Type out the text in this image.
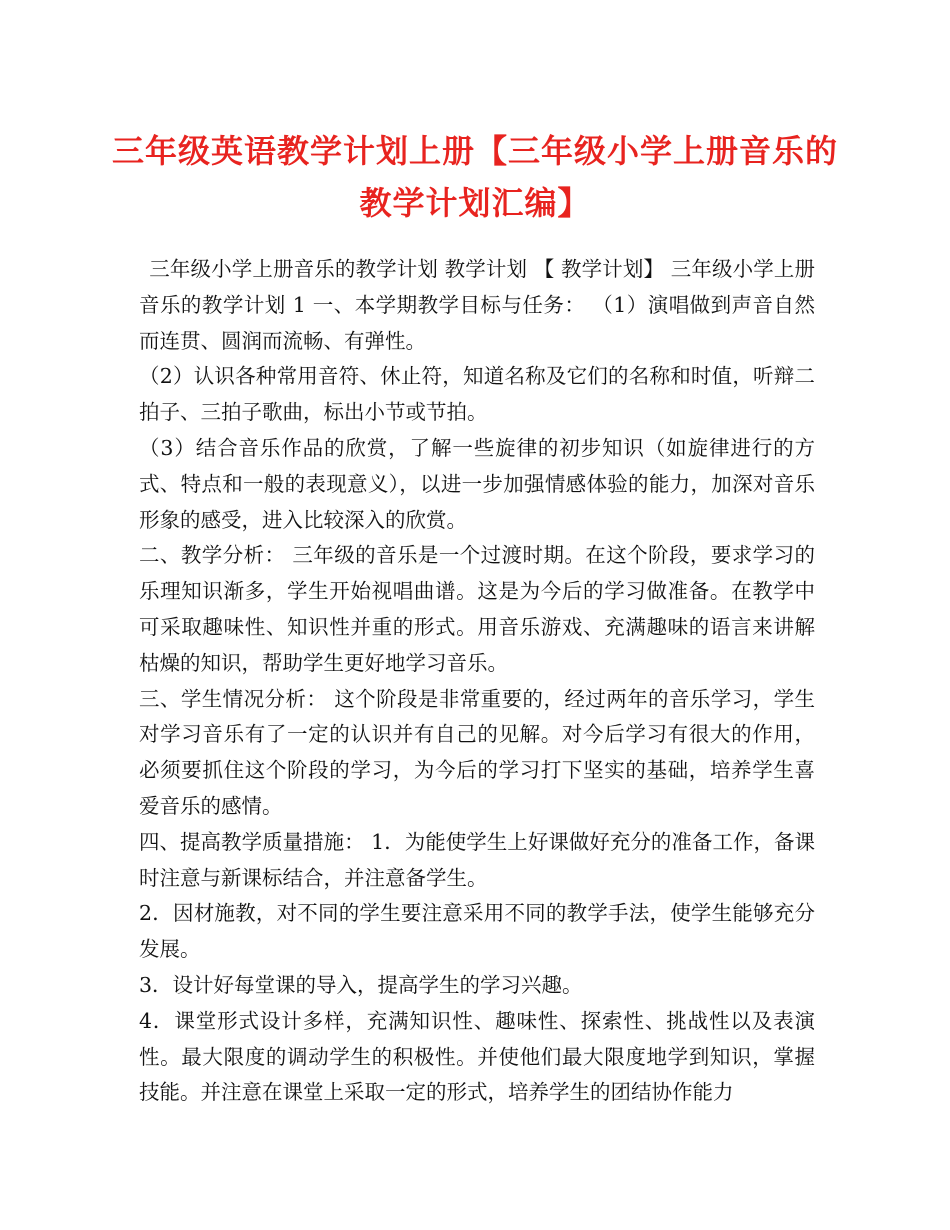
三年级英语教学计划上册【三年级小学上册音乐的教学计划汇编】

三年级小学上册音乐的教学计划 教学计划 【 教学计划】 三年级小学上册音乐的教学计划 1 一、本学期教学目标与任务： （1）演唱做到声音自然而连贯、圆润而流畅、有弹性。

（2）认识各种常用音符、休止符，知道名称及它们的名称和时值，听辩二拍子、三拍子歌曲，标出小节或节拍。

（3）结合音乐作品的欣赏，了解一些旋律的初步知识（如旋律进行的方式、特点和一般的表现意义），以进一步加强情感体验的能力，加深对音乐形象的感受，进入比较深入的欣赏。

二、教学分析： 三年级的音乐是一个过渡时期。在这个阶段，要求学习的乐理知识渐多，学生开始视唱曲谱。这是为今后的学习做准备。在教学中可采取趣味性、知识性并重的形式。用音乐游戏、充满趣味的语言来讲解枯燥的知识，帮助学生更好地学习音乐。

三、学生情况分析： 这个阶段是非常重要的，经过两年的音乐学习，学生对学习音乐有了一定的认识并有自己的见解。对今后学习有很大的作用，必须要抓住这个阶段的学习，为今后的学习打下坚实的基础，培养学生喜爱音乐的感情。

四、提高教学质量措施： 1．为能使学生上好课做好充分的准备工作，备课时注意与新课标结合，并注意备学生。

2．因材施教，对不同的学生要注意采用不同的教学手法，使学生能够充分发展。

3．设计好每堂课的导入，提高学生的学习兴趣。

4．课堂形式设计多样，充满知识性、趣味性、探索性、挑战性以及表演性。最大限度的调动学生的积极性。并使他们最大限度地学到知识，掌握技能。并注意在课堂上采取一定的形式，培养学生的团结协作能力
